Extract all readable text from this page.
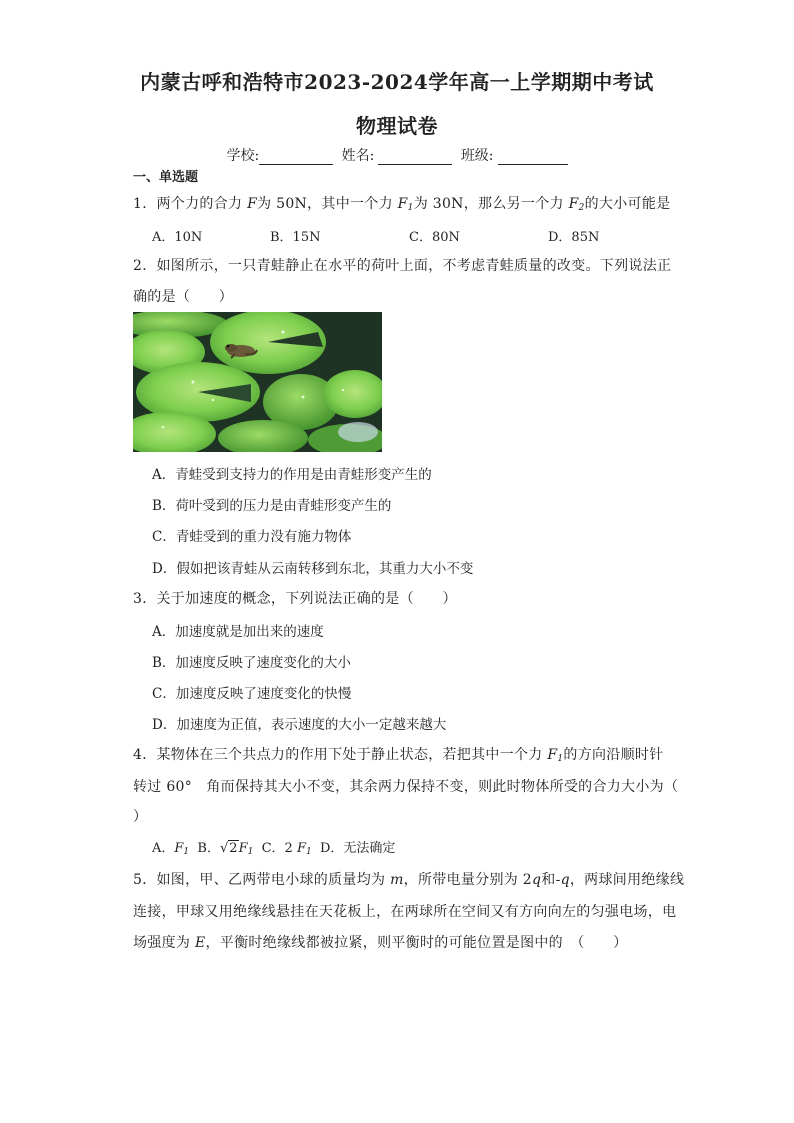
内蒙古呼和浩特市2023-2024学年高一上学期期中考试
物理试卷
学校:	姓名:	班级:
一、单选题
1．两个力的合力 F为 50N，其中一个力 $F_1$为 30N，那么另一个力 $F_2$的大小可能是
A．10N	B．15N	C．80N	D．85N
2．如图所示，一只青蛙静止在水平的荷叶上面，不考虑青蛙质量的改变。下列说法正
确的是（　　）
A．青蛙受到支持力的作用是由青蛙形变产生的
B．荷叶受到的压力是由青蛙形变产生的
C．青蛙受到的重力没有施力物体
D．假如把该青蛙从云南转移到东北，其重力大小不变
3．关于加速度的概念，下列说法正确的是（　　）
A．加速度就是加出来的速度
B．加速度反映了速度变化的大小
C．加速度反映了速度变化的快慢
D．加速度为正值，表示速度的大小一定越来越大
4．某物体在三个共点力的作用下处于静止状态，若把其中一个力 $F_1$的方向沿顺时针
转过 60°　角而保持其大小不变，其余两力保持不变，则此时物体所受的合力大小为（
）
A．$F_1$ B．$√2F_1$ C．2 $F_1$ D．无法确定
5．如图，甲、乙两带电小球的质量均为 m，所带电量分别为 2q和-q，两球间用绝缘线
连接，甲球又用绝缘线悬挂在天花板上，在两球所在空间又有方向向左的匀强电场，电
场强度为 E，平衡时绝缘线都被拉紧，则平衡时的可能位置是图中的　（　　）
